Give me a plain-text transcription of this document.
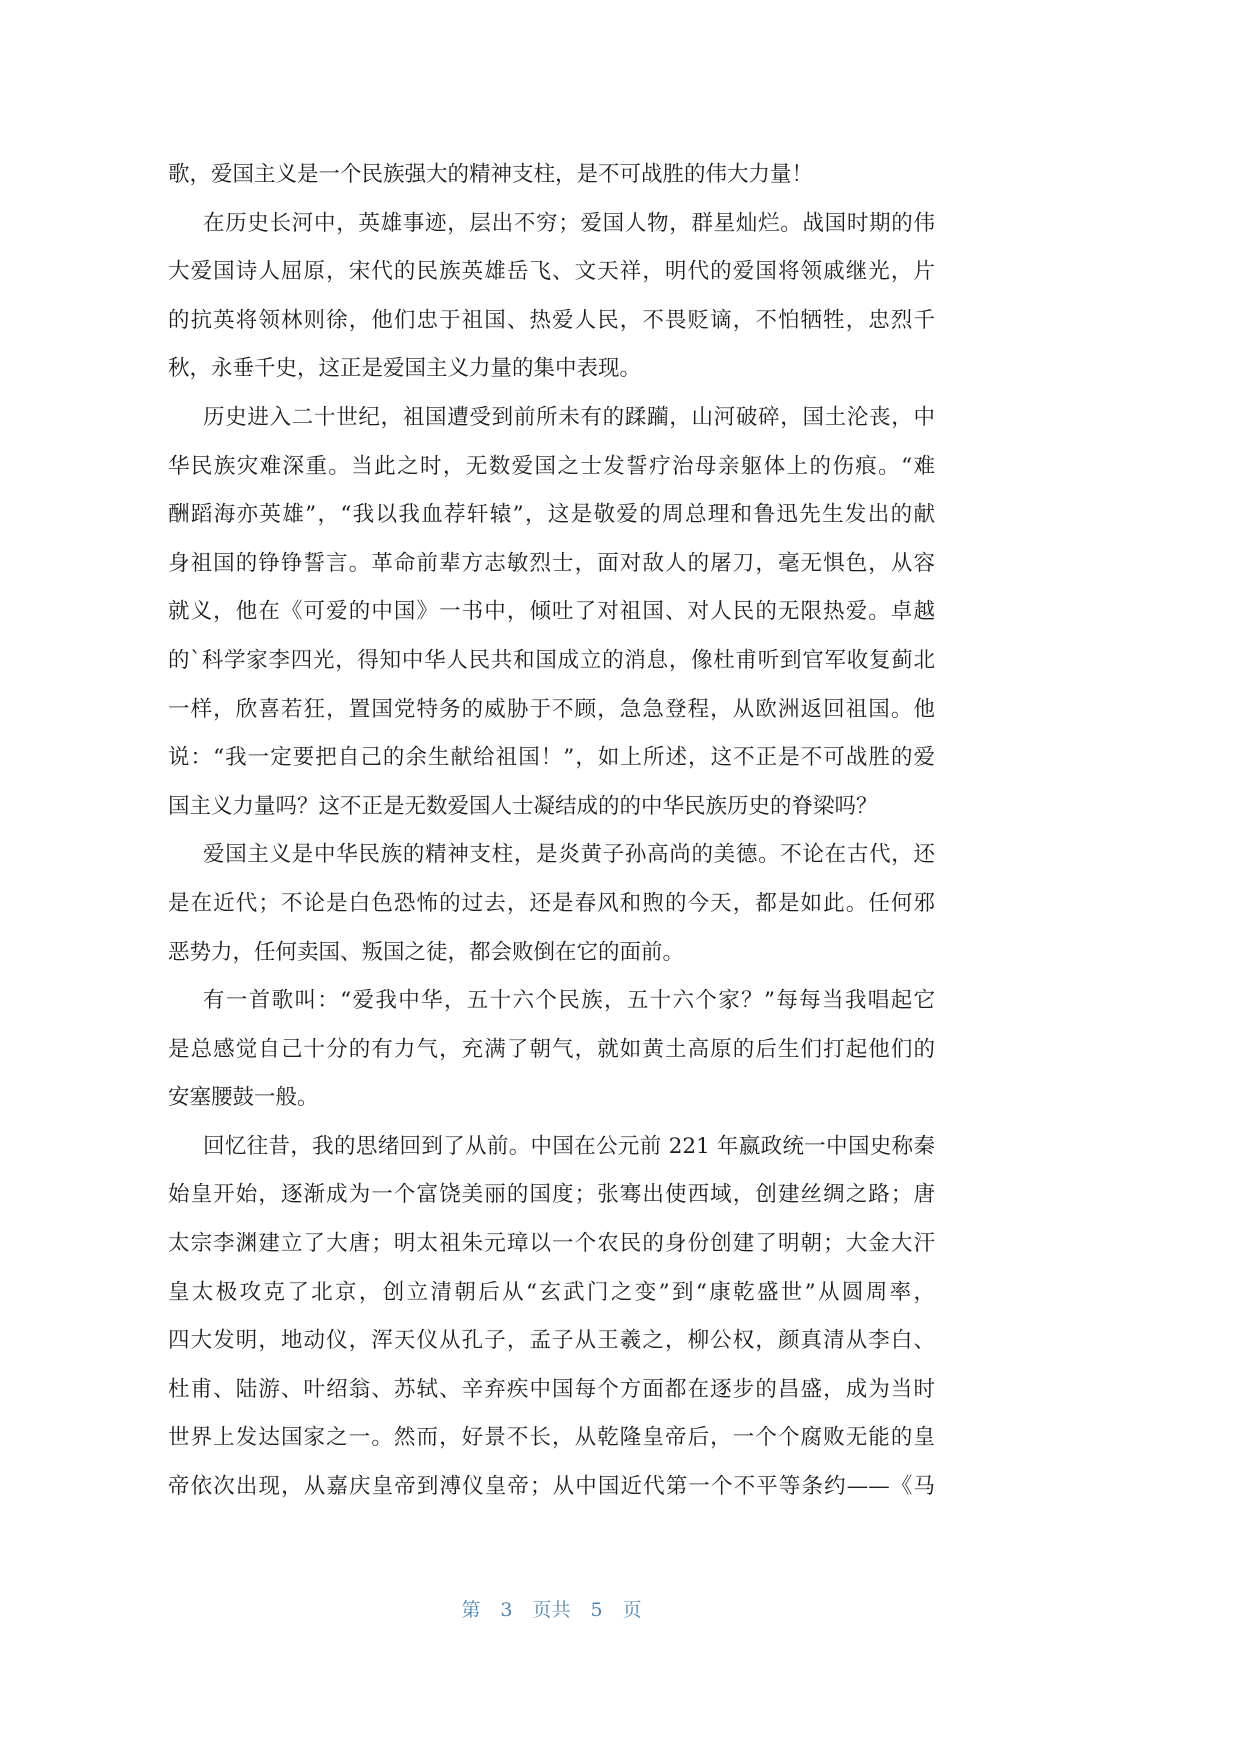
歌，爱国主义是一个民族强大的精神支柱，是不可战胜的伟大力量！

在历史长河中，英雄事迹，层出不穷；爱国人物，群星灿烂。战国时期的伟
大爱国诗人屈原，宋代的民族英雄岳飞、文天祥，明代的爱国将领戚继光，片
的抗英将领林则徐，他们忠于祖国、热爱人民，不畏贬谪，不怕牺牲，忠烈千
秋，永垂千史，这正是爱国主义力量的集中表现。

历史进入二十世纪，祖国遭受到前所未有的蹂躏，山河破碎，国土沦丧，中
华民族灾难深重。当此之时，无数爱国之士发誓疗治母亲躯体上的伤痕。“难
酬蹈海亦英雄”，“我以我血荐轩辕”，这是敬爱的周总理和鲁迅先生发出的献
身祖国的铮铮誓言。革命前辈方志敏烈士，面对敌人的屠刀，毫无惧色，从容
就义，他在《可爱的中国》一书中，倾吐了对祖国、对人民的无限热爱。卓越
的`科学家李四光，得知中华人民共和国成立的消息，像杜甫听到官军收复蓟北
一样，欣喜若狂，置国党特务的威胁于不顾，急急登程，从欧洲返回祖国。他
说：“我一定要把自己的余生献给祖国！”，如上所述，这不正是不可战胜的爱
国主义力量吗？这不正是无数爱国人士凝结成的的中华民族历史的脊梁吗？

爱国主义是中华民族的精神支柱，是炎黄子孙高尚的美德。不论在古代，还
是在近代；不论是白色恐怖的过去，还是春风和煦的今天，都是如此。任何邪
恶势力，任何卖国、叛国之徒，都会败倒在它的面前。

有一首歌叫：“爱我中华，五十六个民族，五十六个家？”每每当我唱起它
是总感觉自己十分的有力气，充满了朝气，就如黄土高原的后生们打起他们的
安塞腰鼓一般。

回忆往昔，我的思绪回到了从前。中国在公元前 221 年嬴政统一中国史称秦
始皇开始，逐渐成为一个富饶美丽的国度；张骞出使西域，创建丝绸之路；唐
太宗李渊建立了大唐；明太祖朱元璋以一个农民的身份创建了明朝；大金大汗
皇太极攻克了北京，创立清朝后从“玄武门之变”到“康乾盛世”从圆周率，
四大发明，地动仪，浑天仪从孔子，孟子从王羲之，柳公权，颜真清从李白、
杜甫、陆游、叶绍翁、苏轼、辛弃疾中国每个方面都在逐步的昌盛，成为当时
世界上发达国家之一。然而，好景不长，从乾隆皇帝后，一个个腐败无能的皇
帝依次出现，从嘉庆皇帝到溥仪皇帝；从中国近代第一个不平等条约——《马

第 3 页共 5 页
